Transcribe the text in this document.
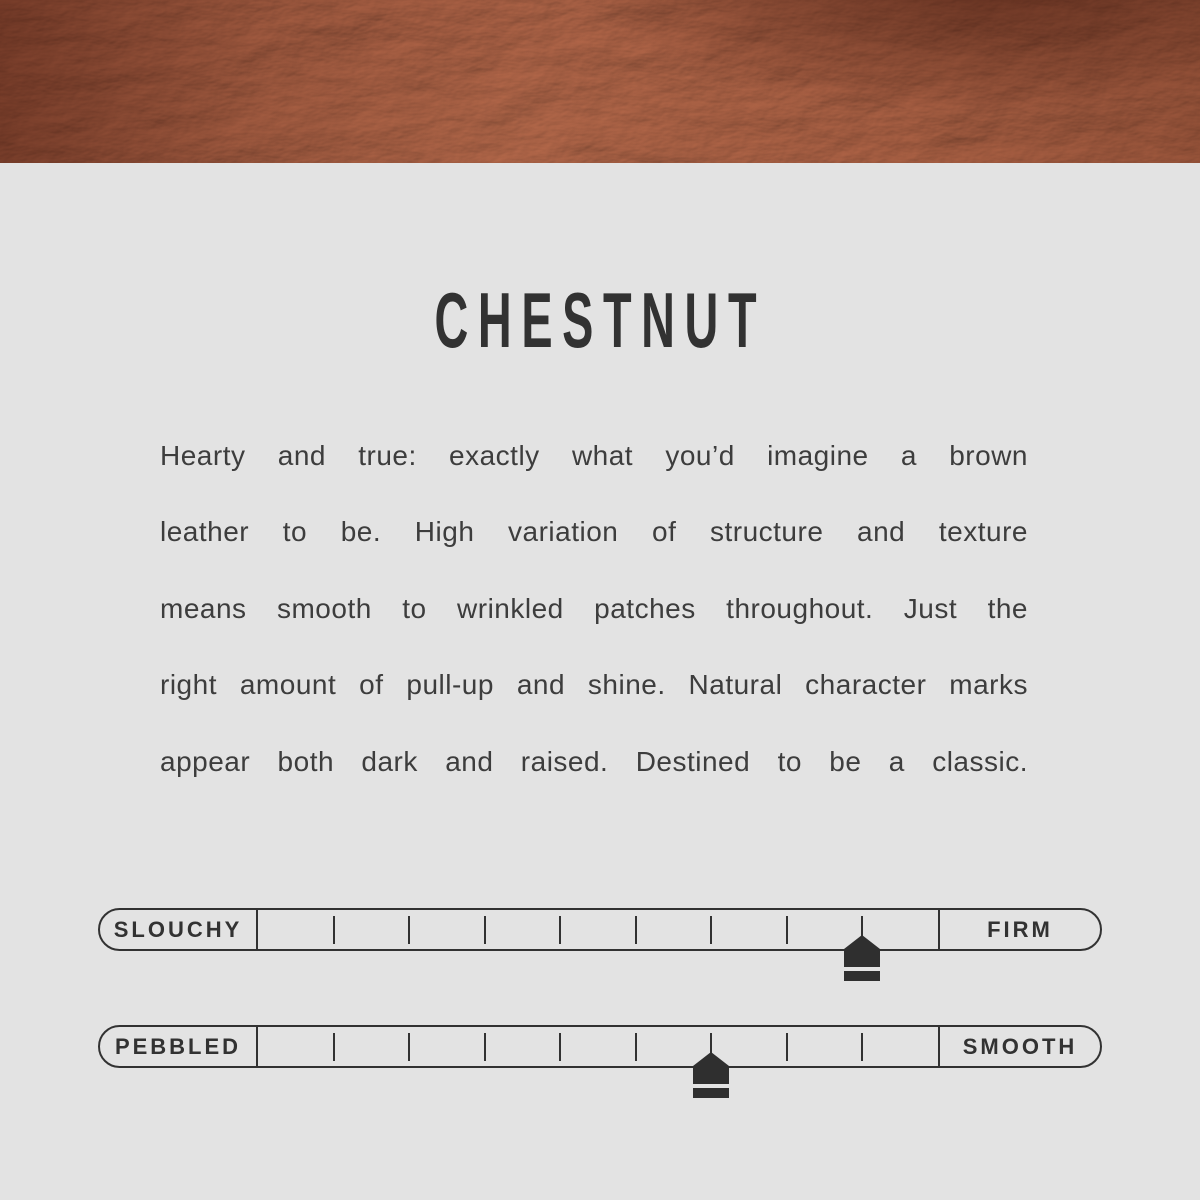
CHESTNUT
Hearty and true: exactly what you’d imagine a brown
leather to be. High variation of structure and texture
means smooth to wrinkled patches throughout. Just the
right amount of pull-up and shine. Natural character marks
appear both dark and raised. Destined to be a classic.
SLOUCHY	FIRM
PEBBLED	SMOOTH
